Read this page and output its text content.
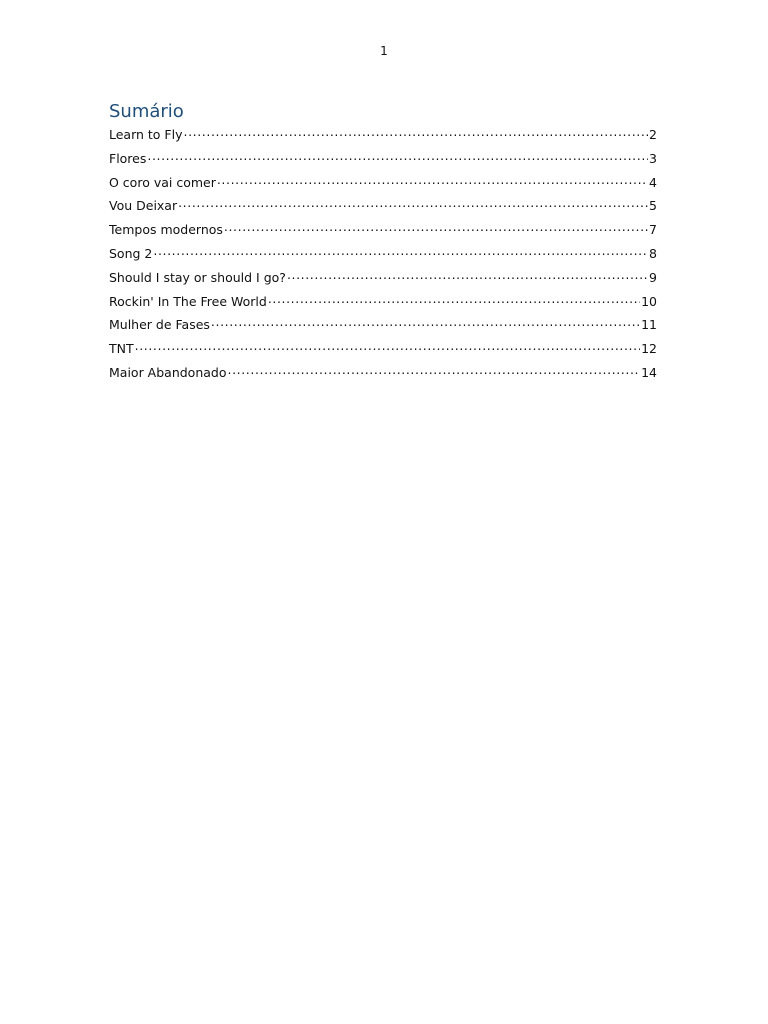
1
Sumário
Learn to Fly .....	2
Flores .....	3
O coro vai comer .....	4
Vou Deixar .....	5
Tempos modernos .....	7
Song 2 .....	8
Should I stay or should I go? .....	9
Rockin' In The Free World .....	10
Mulher de Fases .....	11
TNT .....	12
Maior Abandonado .....	14
